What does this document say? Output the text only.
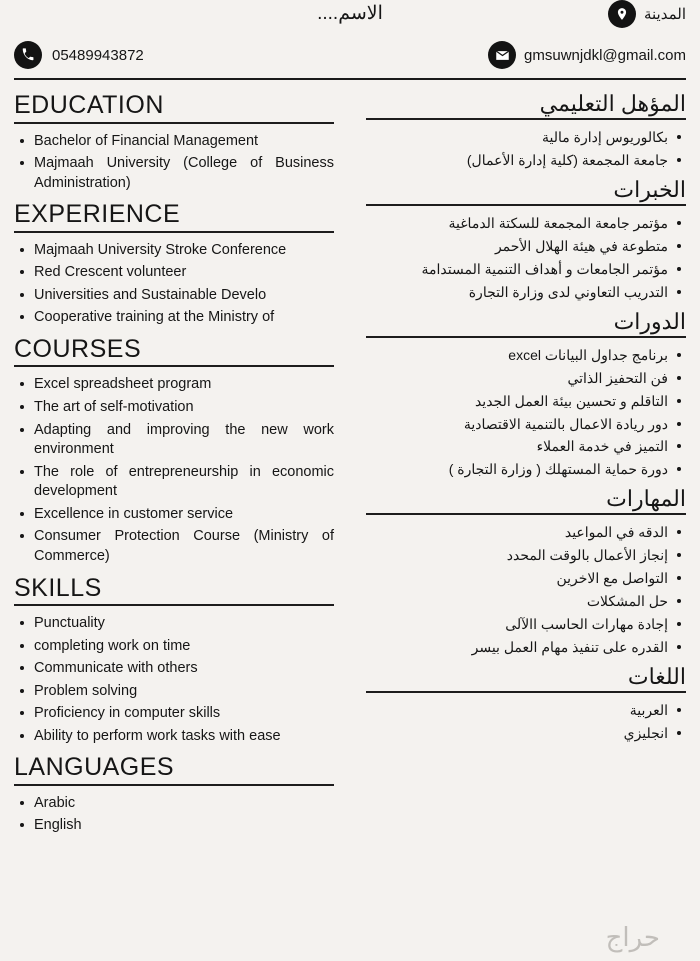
الاسم....	المدينة
05489943872	gmsuwnjdkl@gmail.com
EDUCATION
Bachelor of Financial Management
Majmaah University (College of Business Administration)
EXPERIENCE
Majmaah University Stroke Conference
Red Crescent volunteer
Universities and Sustainable Develo
Cooperative training at the Ministry of
COURSES
Excel spreadsheet program
The art of self-motivation
Adapting and improving the new work environment
The role of entrepreneurship in economic development
Excellence in customer service
Consumer Protection Course (Ministry of Commerce)
SKILLS
Punctuality
completing work on time
Communicate with others
Problem solving
Proficiency in computer skills
Ability to perform work tasks with ease
LANGUAGES
Arabic
English
المؤهل التعليمي
بكالوريوس إدارة مالية
جامعة المجمعة (كلية إدارة الأعمال)
الخبرات
مؤتمر جامعة المجمعة للسكتة الدماغية
متطوعة في هيئة الهلال الأحمر
مؤتمر الجامعات و أهداف التنمية المستدامة
التدريب التعاوني لدى وزارة التجارة
الدورات
برنامج جداول البيانات excel
فن التحفيز الذاتي
التاقلم و تحسين بيئة العمل الجديد
دور ريادة الاعمال بالتنمية الاقتصادية
التميز في خدمة العملاء
دورة حماية المستهلك ( وزارة التجارة )
المهارات
الدقه في المواعيد
إنجاز الأعمال بالوقت المحدد
التواصل مع الاخرين
حل المشكلات
إجادة مهارات الحاسب االآلى
القدره على تنفيذ مهام العمل بيسر
اللغات
العربية
انجليزي
حراج
